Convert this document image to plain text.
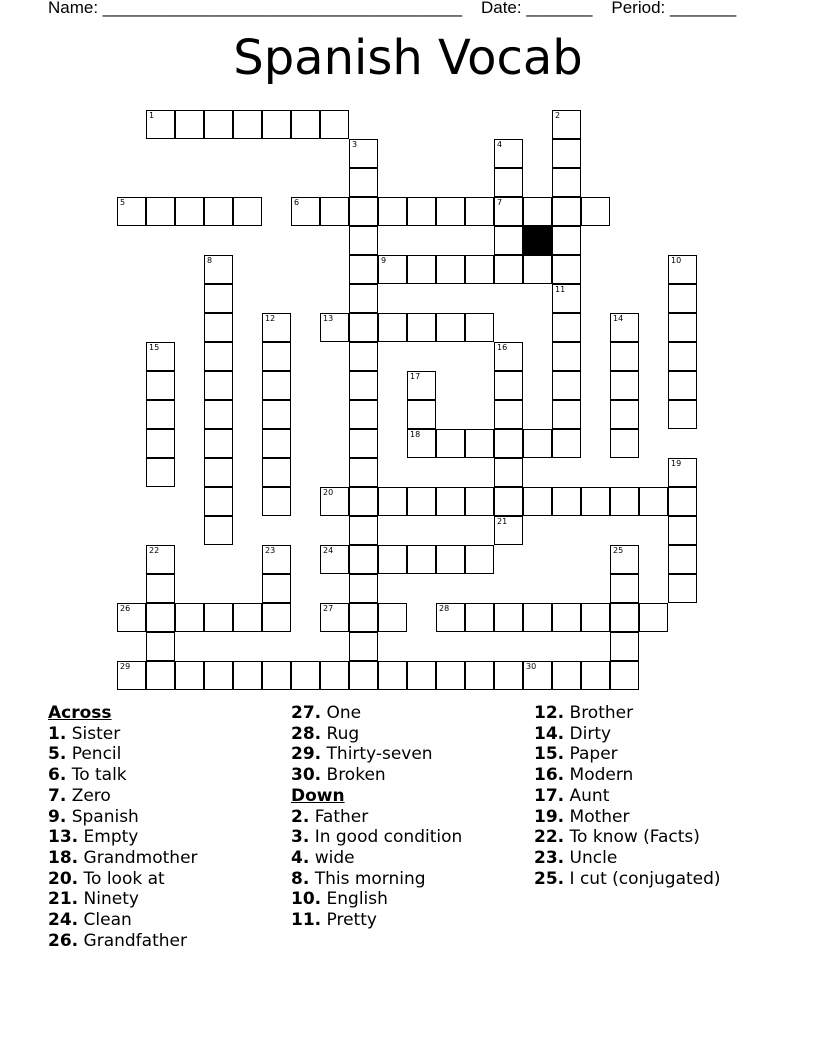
Name: ______________________________________    Date: _______    Period: _______
Spanish Vocab
1	2
3	4
7
5	6
8	9	10
11
12	13	14
15	16
21
17
18
19
20
22	23	24	25
26	27	28
29	30
Across
1. Sister
5. Pencil
6. To talk
7. Zero
9. Spanish
13. Empty
18. Grandmother
20. To look at
21. Ninety
24. Clean
26. Grandfather
27. One
28. Rug
29. Thirty-seven
30. Broken
Down
2. Father
3. In good condition
4. wide
8. This morning
10. English
11. Pretty
12. Brother
14. Dirty
15. Paper
16. Modern
17. Aunt
19. Mother
22. To know (Facts)
23. Uncle
25. I cut (conjugated)
